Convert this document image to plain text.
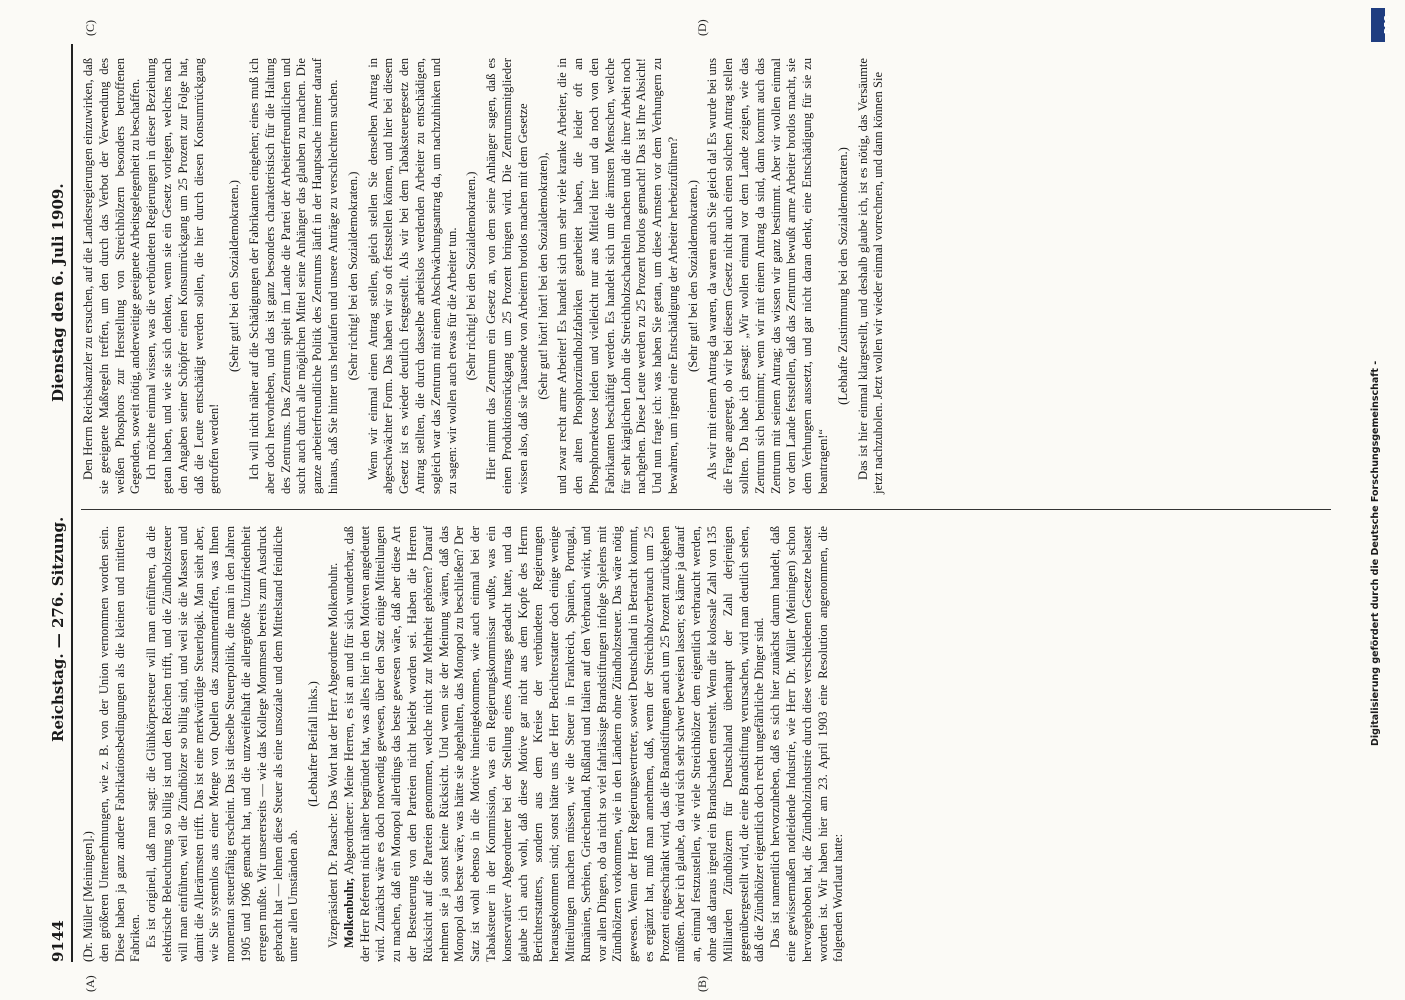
9144
Reichstag. — 276. Sitzung.
Dienstag den 6. Juli 1909.
(A)	(B)
(C)	(D)

(Dr. Müller [Meiningen].) den größeren Unternehmungen, wie z. B. von der Union vernommen worden sein. Diese haben ja ganz andere Fabrikationsbedingungen als die kleinen und mittleren Fabriken. Es ist originell, daß man sagt: die Glühkörpersteuer will man einführen, da die elektrische Beleuchtung so billig ist und den Reichen trifft, und die Zündholzsteuer will man einführen, weil die Zündhölzer so billig sind, und weil sie die Massen und damit die Allerärmsten trifft. Das ist eine merkwürdige Steuerlogik. Man sieht aber, wie Sie systemlos aus einer Menge von Quellen das zusammenraffen, was Ihnen momentan steuerfähig erscheint. Das ist dieselbe Steuerpolitik, die man in den Jahren 1905 und 1906 gemacht hat, und die unzweifelhaft die allergrößte Unzufriedenheit erregen mußte. Wir unsererseits — wie das Kollege Mommsen bereits zum Ausdruck gebracht hat — lehnen diese Steuer als eine unsoziale und dem Mittelstand feindliche unter allen Umständen ab.

(Lebhafter Beifall links.) Vizepräsident Dr. Paasche: Das Wort hat der Herr Abgeordnete Molkenbuhr. Molkenbuhr, Abgeordneter: Meine Herren, es ist an und für sich wunderbar, daß der Herr Referent nicht näher begründet hat, was alles hier in den Motiven angedeutet wird. Zunächst wäre es doch notwendig gewesen, über den Satz einige Mitteilungen zu machen, daß ein Monopol allerdings das beste gewesen wäre, daß aber diese Art der Besteuerung von den Parteien nicht beliebt worden sei. Haben die Herren Rücksicht auf die Parteien genommen, welche nicht zur Mehrheit gehören? Darauf nehmen sie ja sonst keine Rücksicht. Und wenn sie der Meinung wären, daß das Monopol das beste wäre, was hätte sie abgehalten, das Monopol zu beschließen? Der Satz ist wohl ebenso in die Motive hineingekommen, wie auch einmal bei der Tabaksteuer in der Kommission, was ein Regierungskommissar wußte, was ein konservativer Abgeordneter bei der Stellung eines Antrags gedacht hatte, und da glaube ich auch wohl, daß diese Motive gar nicht aus dem Kopfe des Herrn Berichterstatters, sondern aus dem Kreise der verbündeten Regierungen herausgekommen sind; sonst hätte uns der Herr Berichterstatter doch einige wenige Mitteilungen machen müssen, wie die Steuer in Frankreich, Spanien, Portugal, Rumänien, Serbien, Griechenland, Rußland und Italien auf den Verbrauch wirkt, und vor allen Dingen, ob da nicht so viel fahrlässige Brandstiftungen infolge Spielens mit Zündhölzern vorkommen, wie in den Ländern ohne Zündholzsteuer. Das wäre nötig gewesen. Wenn der Herr Regierungsvertreter, soweit Deutschland in Betracht kommt, es ergänzt hat, muß man annehmen, daß, wenn der Streichholzverbrauch um 25 Prozent eingeschränkt wird, das die Brandstiftungen auch um 25 Prozent zurückgehen müßten. Aber ich glaube, da wird sich sehr schwer beweisen lassen; es käme ja darauf an, einmal festzustellen, wie viele Streichhölzer dem eigentlich verbraucht werden, ohne daß daraus irgend ein Brandschaden entsteht. Wenn die kolossale Zahl von 135 Milliarden Zündhölzern für Deutschland überhaupt der Zahl derjenigen gegenübergestellt wird, die eine Brandstiftung verursachen, wird man deutlich sehen, daß die Zündhölzer eigentlich doch recht ungefährliche Dinger sind. Das ist namentlich hervorzuheben, daß es sich hier zunächst darum handelt, daß eine gewissermaßen notleidende Industrie, wie Herr Dr. Müller (Meiningen) schon hervorgehoben hat, die Zündholzindustrie durch diese verschiedenen Gesetze belastet worden ist. Wir haben hier am 23. April 1903 eine Resolution angenommen, die folgenden Wortlaut hatte:

Den Herrn Reichskanzler zu ersuchen, auf die Landesregierungen einzuwirken, daß sie geeignete Maßregeln treffen, um den durch das Verbot der Verwendung des weißen Phosphors zur Herstellung von Streichhölzern besonders betroffenen Gegenden, soweit nötig, anderweitige geeignete Arbeitsgelegenheit zu beschaffen. Ich möchte einmal wissen, was die verbündeten Regierungen in dieser Beziehung getan haben, und wie sie sich denken, wenn sie ein Gesetz vorlegen, welches nach den Angaben seiner Schöpfer einen Konsumrückgang um 25 Prozent zur Folge hat, daß die Leute entschädigt werden sollen, die hier durch diesen Konsumrückgang getroffen werden!

(Sehr gut! bei den Sozialdemokraten.) Ich will nicht näher auf die Schädigungen der Fabrikanten eingehen; eines muß ich aber doch hervorheben, und das ist ganz besonders charakteristisch für die Haltung des Zentrums. Das Zentrum spielt im Lande die Partei der Arbeiterfreundlichen und sucht auch durch alle möglichen Mittel seine Anhänger das glauben zu machen. Die ganze arbeiterfreundliche Politik des Zentrums läuft in der Hauptsache immer darauf hinaus, daß Sie hinter uns herlaufen und unsere Anträge zu verschlechtern suchen. (Sehr richtig! bei den Sozialdemokraten.) Wenn wir einmal einen Antrag stellen, gleich stellen Sie denselben Antrag in abgeschwächter Form. Das haben wir so oft feststellen können, und hier bei diesem Gesetz ist es wieder deutlich festgestellt. Als wir bei dem Tabaksteuergesetz den Antrag stellten, die durch dasselbe arbeitslos werdenden Arbeiter zu entschädigen, sogleich war das Zentrum mit einem Abschwächungsantrag da, um nachzuhinken und zu sagen: wir wollen auch etwas für die Arbeiter tun. (Sehr richtig! bei den Sozialdemokraten.) Hier nimmt das Zentrum ein Gesetz an, von dem seine Anhänger sagen, daß es einen Produktionsrückgang um 25 Prozent bringen wird. Die Zentrumsmitglieder wissen also, daß sie Tausende von Arbeitern brotlos machen mit dem Gesetze (Sehr gut! hört! hört! bei den Sozialdemokraten), und zwar recht arme Arbeiter! Es handelt sich um sehr viele kranke Arbeiter, die in den alten Phosphorzündholzfabriken gearbeitet haben, die leider oft an Phosphornekrose leiden und vielleicht nur aus Mitleid hier und da noch von den Fabrikanten beschäftigt werden. Es handelt sich um die ärmsten Menschen, welche für sehr kärglichen Lohn die Streichholzschachteln machen und die ihrer Arbeit noch nachgehen. Diese Leute werden zu 25 Prozent brotlos gemacht! Das ist Ihre Absicht! Und nun frage ich: was haben Sie getan, um diese Armsten vor dem Verhungern zu bewahren, um irgend eine Entschädigung der Arbeiter herbeizuführen? (Sehr gut! bei den Sozialdemokraten.) Als wir mit einem Antrag da waren, da waren auch Sie gleich da! Es wurde bei uns die Frage angeregt, ob wir bei diesem Gesetz nicht auch einen solchen Antrag stellen sollten. Da habe ich gesagt: „Wir wollen einmal vor dem Lande zeigen, wie das Zentrum sich benimmt; wenn wir mit einem Antrag da sind, dann kommt auch das Zentrum mit seinem Antrag; das wissen wir ganz bestimmt. Aber wir wollen einmal vor dem Lande feststellen, daß das Zentrum bewußt arme Arbeiter brotlos macht, sie dem Verhungern aussetzt, und gar nicht daran denkt, eine Entschädigung für sie zu beantragen!“

(Lebhafte Zustimmung bei den Sozialdemokraten.) Das ist hier einmal klargestellt, und deshalb glaube ich, ist es nötig, das Versäumte jetzt nachzuholen. Jetzt wollen wir wieder einmal vorrechnen, und dann können Sie

DFG
Digitalisierung gefördert durch die Deutsche Forschungsgemeinschaft -
